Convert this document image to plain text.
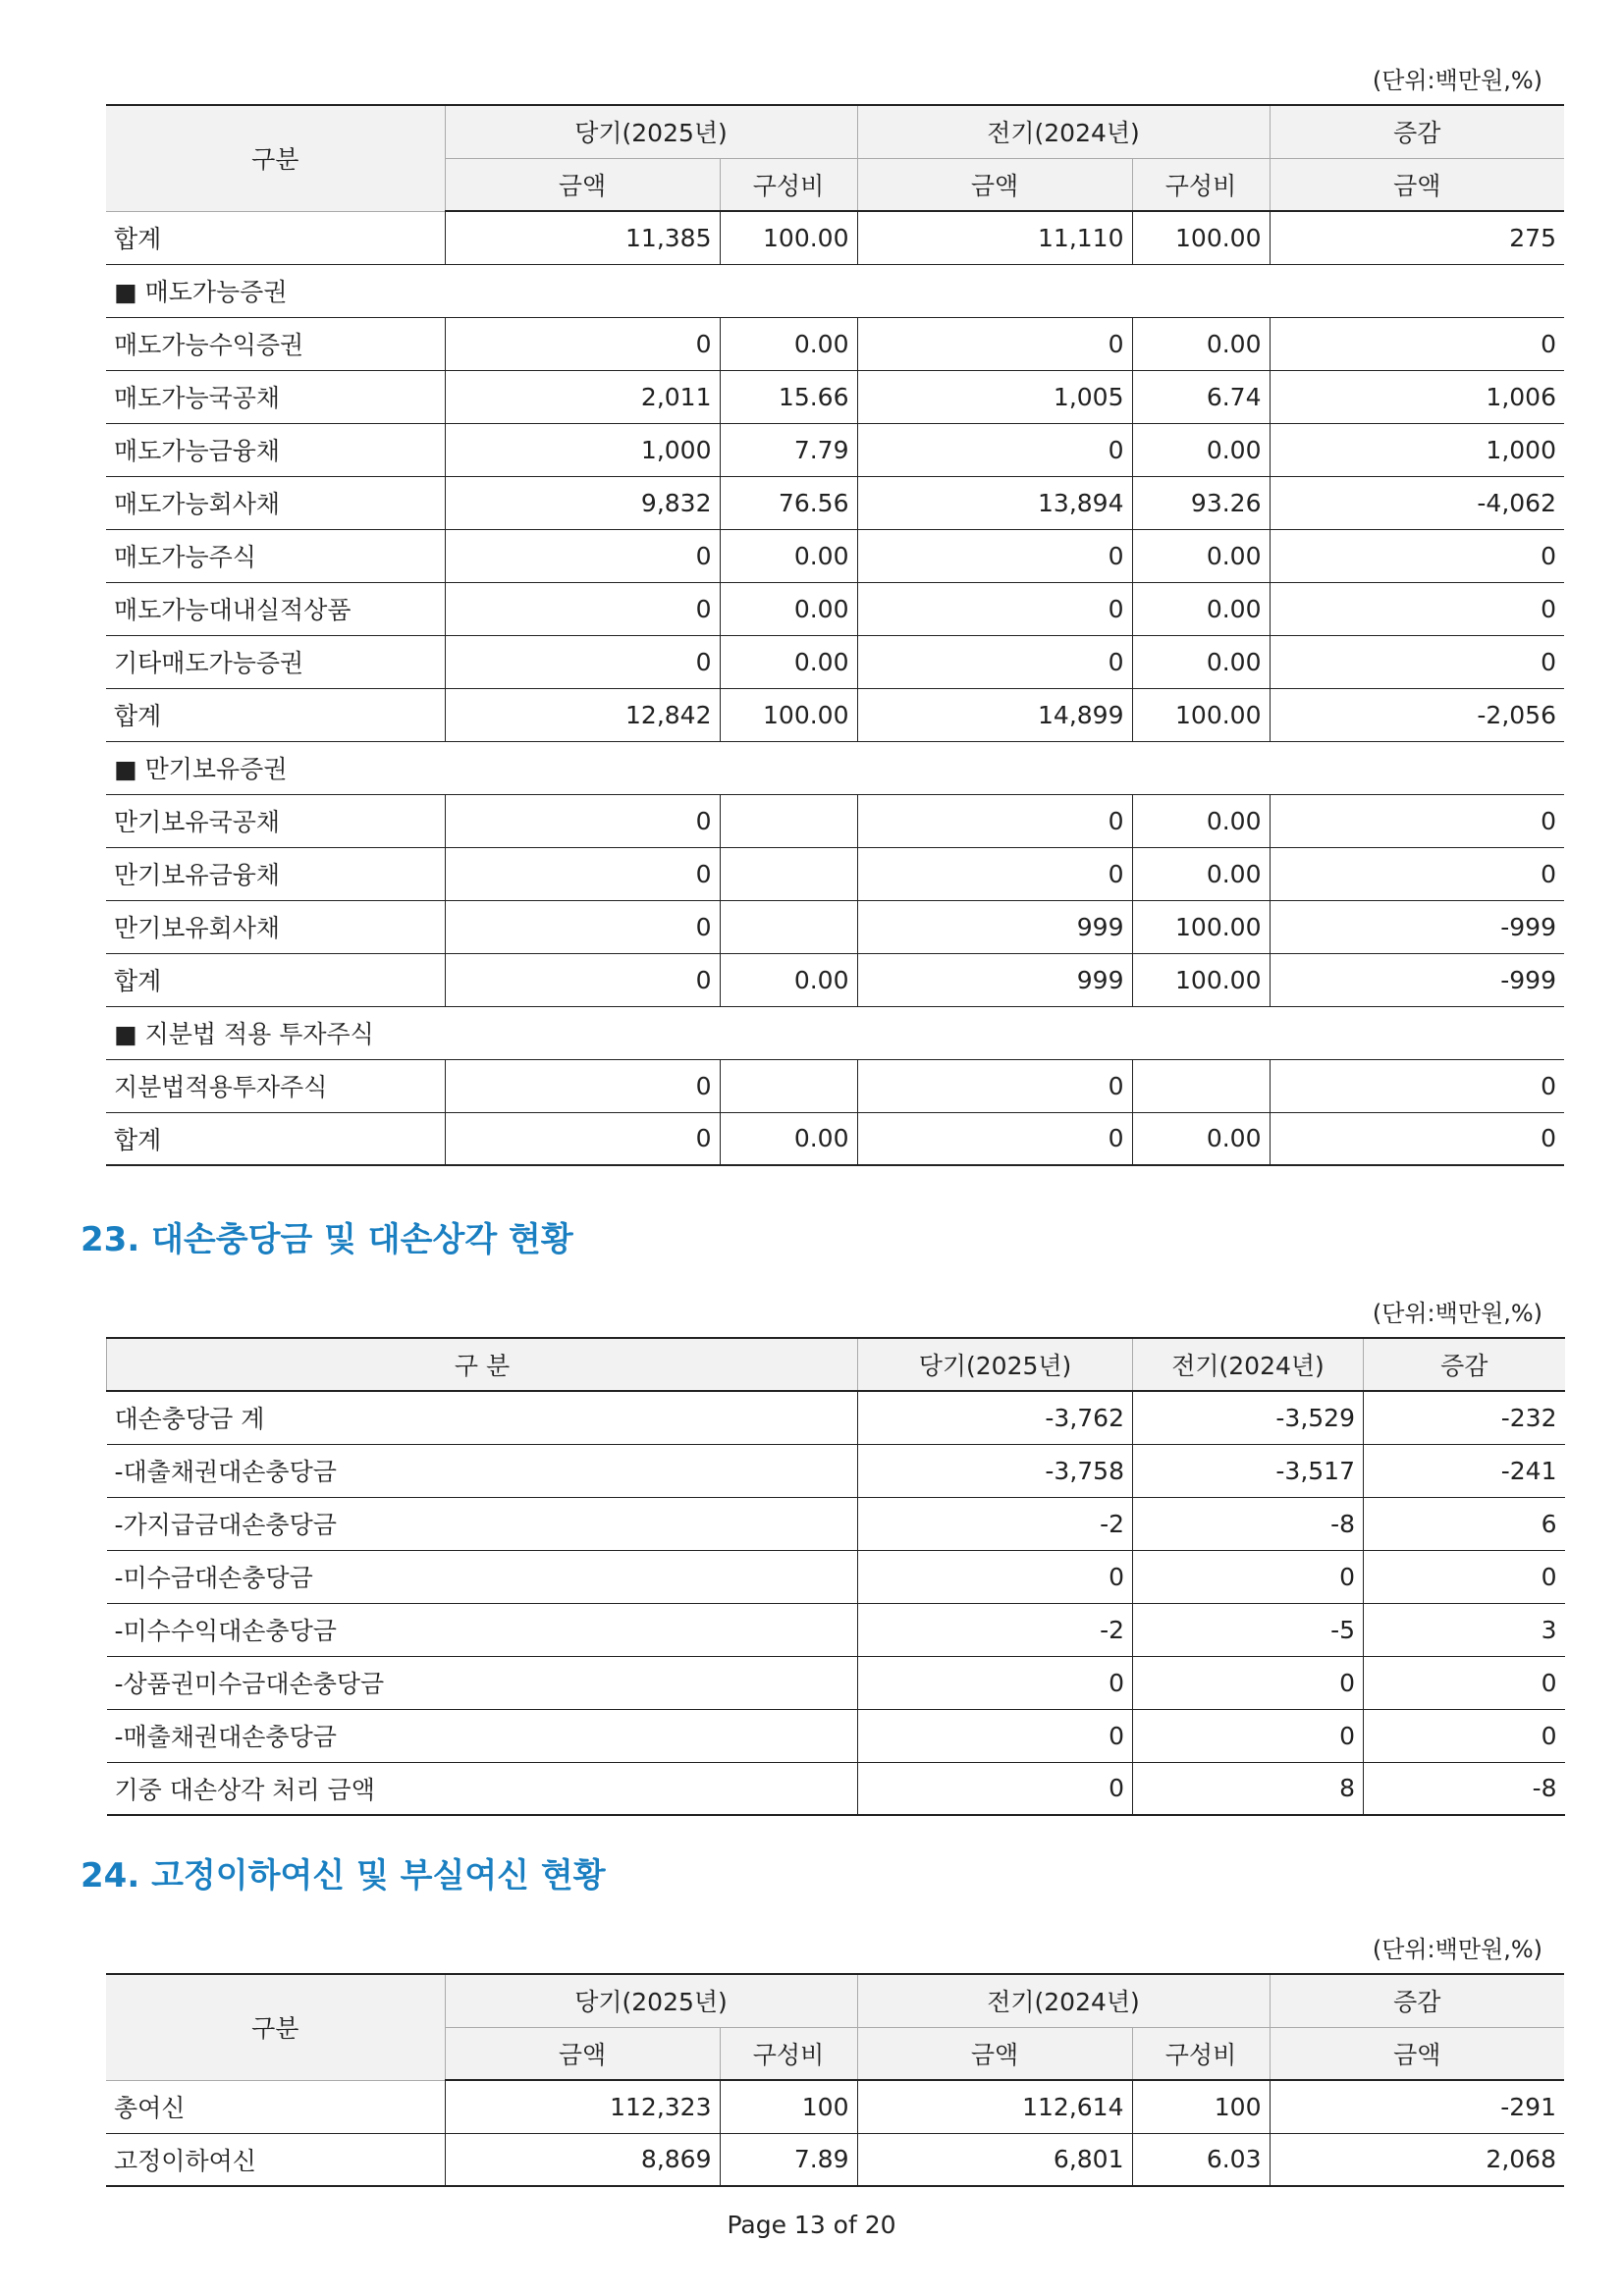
(단위:백만원,%)
구분	당기(2025년)		전기(2024년)		증감
	금액	구성비	금액	구성비	금액
합계	11,385	100.00	11,110	100.00	275
■ 매도가능증권					
매도가능수익증권	0	0.00	0	0.00	0
매도가능국공채	2,011	15.66	1,005	6.74	1,006
매도가능금융채	1,000	7.79	0	0.00	1,000
매도가능회사채	9,832	76.56	13,894	93.26	-4,062
매도가능주식	0	0.00	0	0.00	0
매도가능대내실적상품	0	0.00	0	0.00	0
기타매도가능증권	0	0.00	0	0.00	0
합계	12,842	100.00	14,899	100.00	-2,056
■ 만기보유증권					
만기보유국공채	0		0	0.00	0
만기보유금융채	0		0	0.00	0
만기보유회사채	0		999	100.00	-999
합계	0	0.00	999	100.00	-999
■ 지분법 적용 투자주식					
지분법적용투자주식	0		0		0
합계	0	0.00	0	0.00	0
23. 대손충당금 및 대손상각 현황
(단위:백만원,%)
구 분	당기(2025년)	전기(2024년)	증감
대손충당금 계	-3,762	-3,529	-232
-대출채권대손충당금	-3,758	-3,517	-241
-가지급금대손충당금	-2	-8	6
-미수금대손충당금	0	0	0
-미수수익대손충당금	-2	-5	3
-상품권미수금대손충당금	0	0	0
-매출채권대손충당금	0	0	0
기중 대손상각 처리 금액	0	8	-8
24. 고정이하여신 및 부실여신 현황
(단위:백만원,%)
구분	당기(2025년)		전기(2024년)		증감
	금액	구성비	금액	구성비	금액
총여신	112,323	100	112,614	100	-291
고정이하여신	8,869	7.89	6,801	6.03	2,068
Page 13 of 20
